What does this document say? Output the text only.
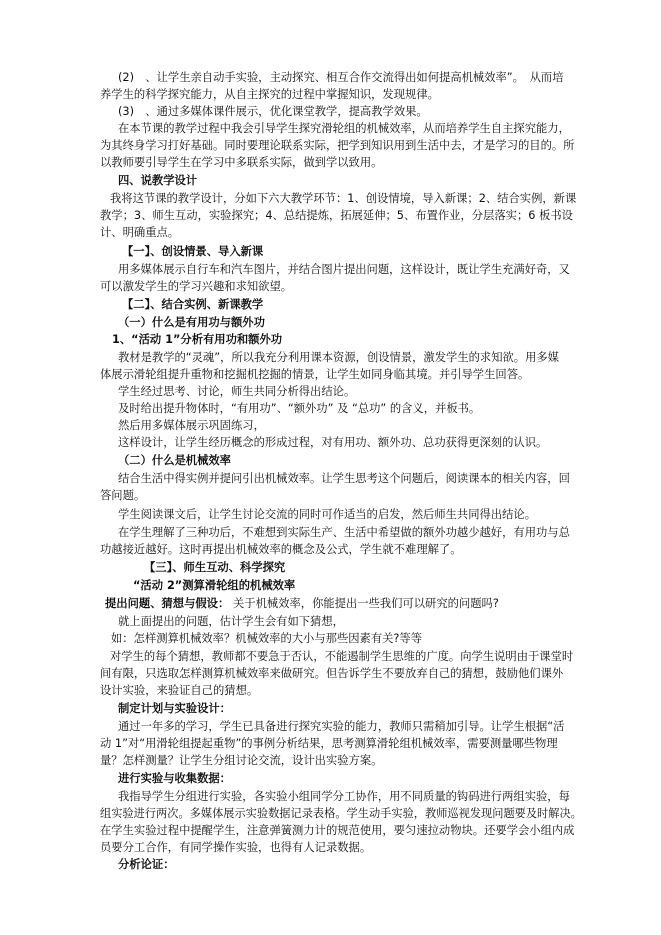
(2)　、让学生亲自动手实验，主动探究、相互合作交流得出如何提高机械效率”。　从而培
养学生的科学探究能力，从自主探究的过程中掌握知识，发现规律。
(3)　、通过多媒体课件展示，优化课堂教学，提高教学效果。
在本节课的教学过程中我会引导学生探究滑轮组的机械效率，从而培养学生自主探究能力，
为其终身学习打好基础。同时要理论联系实际，把学到知识用到生活中去，才是学习的目的。所
以教师要引导学生在学习中多联系实际，做到学以致用。
四、说教学设计
我将这节课的教学设计，分如下六大教学环节：1、创设情境，导入新课；2、结合实例，新课
教学；3、师生互动，实验探究；4、总结提炼，拓展延伸；5、布置作业，分层落实；6 板书设
计、明确重点。
【一】、创设情景、导入新课
用多媒体展示自行车和汽车图片，并结合图片提出问题，这样设计，既让学生充满好奇，又
可以激发学生的学习兴趣和求知欲望。
【二】、结合实例、新课教学
（一）什么是有用功与额外功
1、“活动 1”分析有用功和额外功
教材是教学的“灵魂”，所以我充分利用课本资源，创设情景，激发学生的求知欲。用多媒
体展示滑轮组提升重物和挖掘机挖掘的情景，让学生如同身临其境。并引导学生回答。
学生经过思考、讨论，师生共同分析得出结论。
及时给出提升物体时，“有用功”、“额外功” 及 “总功” 的含义，并板书。
然后用多媒体展示巩固练习，
这样设计，让学生经历概念的形成过程，对有用功、额外功、总功获得更深刻的认识。
（二）什么是机械效率
结合生活中得实例并提问引出机械效率。让学生思考这个问题后，阅读课本的相关内容，回
答问题。
学生阅读课文后，让学生讨论交流的同时可作适当的启发，然后师生共同得出结论。
在学生理解了三种功后，不难想到实际生产、生活中希望做的额外功越少越好，有用功与总
功越接近越好。这时再提出机械效率的概念及公式，学生就不难理解了。
【三】、师生互动、科学探究
“活动 2”测算滑轮组的机械效率
提出问题、猜想与假设： 关于机械效率，你能提出一些我们可以研究的问题吗?
就上面提出的问题，估计学生会有如下猜想，
如：怎样测算机械效率？机械效率的大小与那些因素有关?等等
对学生的每个猜想，教师都不要急于否认，不能遏制学生思维的广度。向学生说明由于课堂时
间有限，只选取怎样测算机械效率来做研究。但告诉学生不要放弃自己的猜想，鼓励他们课外
设计实验，来验证自己的猜想。
制定计划与实验设计：
通过一年多的学习，学生已具备进行探究实验的能力，教师只需稍加引导。让学生根据“活
动 1”对“用滑轮组提起重物”的事例分析结果，思考测算滑轮组机械效率，需要测量哪些物理
量？怎样测量？让学生分组讨论交流，设计出实验方案。
进行实验与收集数据：
我指导学生分组进行实验，各实验小组同学分工协作，用不同质量的钩码进行两组实验，每
组实验进行两次。多媒体展示实验数据记录表格。学生动手实验，教师巡视发现问题要及时解决。
在学生实验过程中提醒学生，注意弹簧测力计的规范使用，要匀速拉动物块。还要学会小组内成
员要分工合作，有同学操作实验，也得有人记录数据。
分析论证：
